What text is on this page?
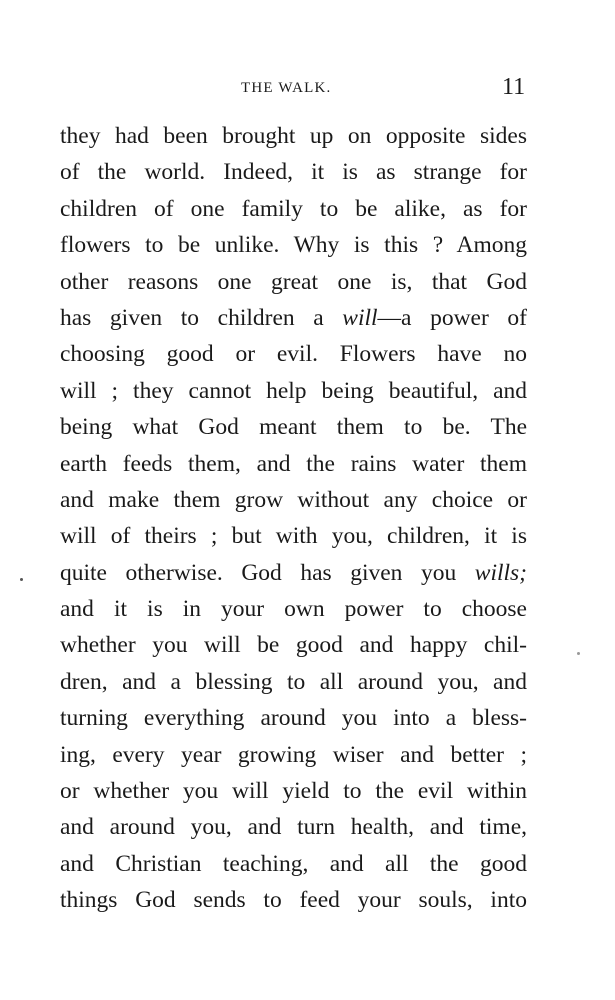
THE WALK.	11
they had been brought up on opposite sides
of the world. Indeed, it is as strange for
children of one family to be alike, as for
flowers to be unlike. Why is this ? Among
other reasons one great one is, that God
has given to children a will—a power of
choosing good or evil. Flowers have no
will ; they cannot help being beautiful, and
being what God meant them to be. The
earth feeds them, and the rains water them
and make them grow without any choice or
will of theirs ; but with you, children, it is
quite otherwise. God has given you wills;
and it is in your own power to choose
whether you will be good and happy chil-
dren, and a blessing to all around you, and
turning everything around you into a bless-
ing, every year growing wiser and better ;
or whether you will yield to the evil within
and around you, and turn health, and time,
and Christian teaching, and all the good
things God sends to feed your souls, into
